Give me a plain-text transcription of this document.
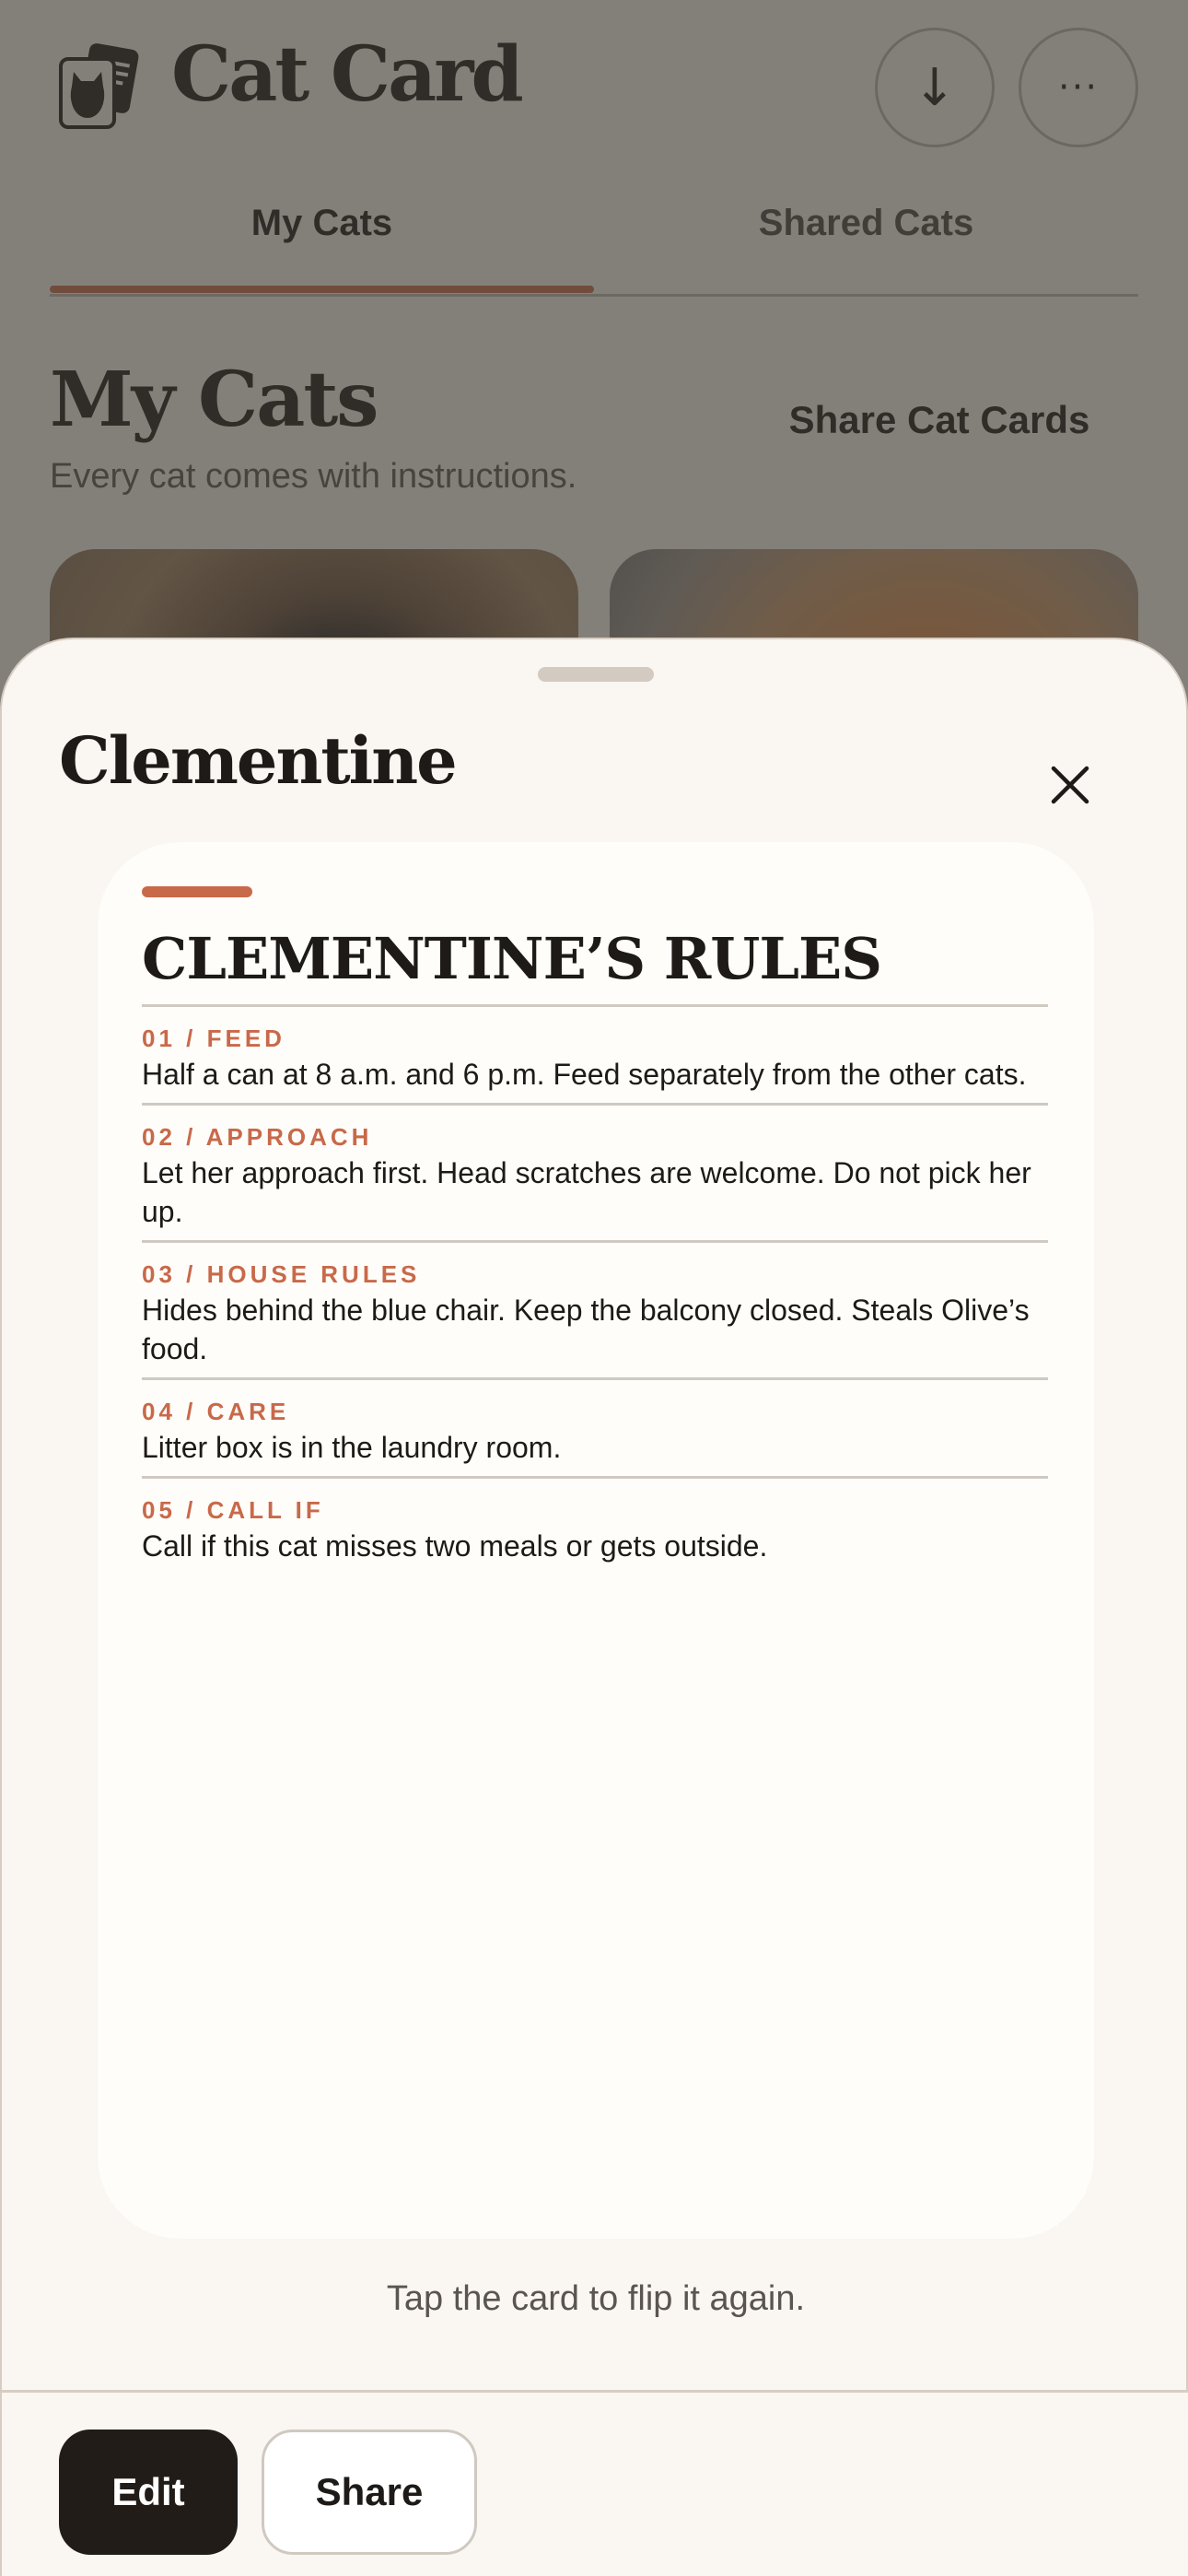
Clementine
CLEMENTINE’S RULES
01 / FEED
Half a can at 8 a.m. and 6 p.m. Feed separately from the other cats.
02 / APPROACH
Let her approach first. Head scratches are welcome. Do not pick her up.
03 / HOUSE RULES
Hides behind the blue chair. Keep the balcony closed. Steals Olive’s food.
04 / CARE
Litter box is in the laundry room.
05 / CALL IF
Call if this cat misses two meals or gets outside.
Tap the card to flip it again.
Edit	Share
